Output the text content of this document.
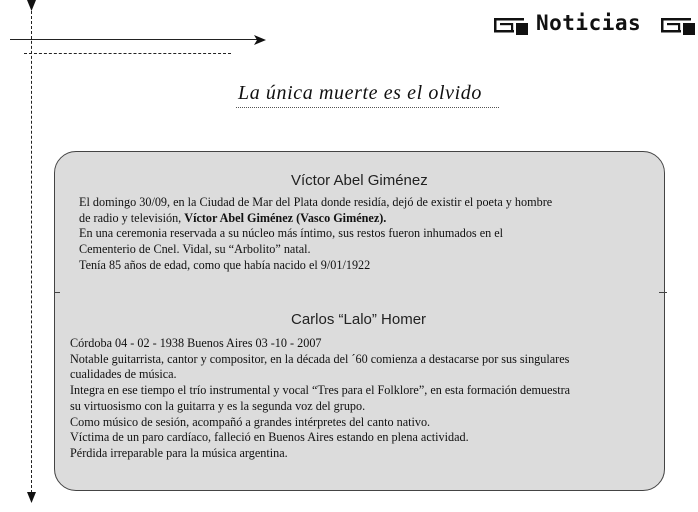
Noticias
La única muerte es el olvido
Víctor Abel Giménez
El domingo 30/09, en la Ciudad de Mar del Plata donde residía, dejó de existir el poeta y hombre
de radio y televisión, Víctor Abel Giménez (Vasco Giménez).
En una ceremonia reservada a su núcleo más íntimo, sus restos fueron inhumados en el
Cementerio de Cnel. Vidal, su “Arbolito” natal.
Tenía 85 años de edad, como que había nacido el 9/01/1922
Carlos “Lalo” Homer
Córdoba 04 - 02 - 1938 Buenos Aires 03 -10 - 2007
Notable guitarrista, cantor y compositor, en la década del ´60 comienza a destacarse por sus singulares
cualidades de música.
Integra en ese tiempo el trío instrumental y vocal “Tres para el Folklore”, en esta formación demuestra
su virtuosismo con la guitarra y es la segunda voz del grupo.
Como músico de sesión, acompañó a grandes intérpretes del canto nativo.
Víctima de un paro cardíaco, falleció en Buenos Aires estando en plena actividad.
Pérdida irreparable para la música argentina.
